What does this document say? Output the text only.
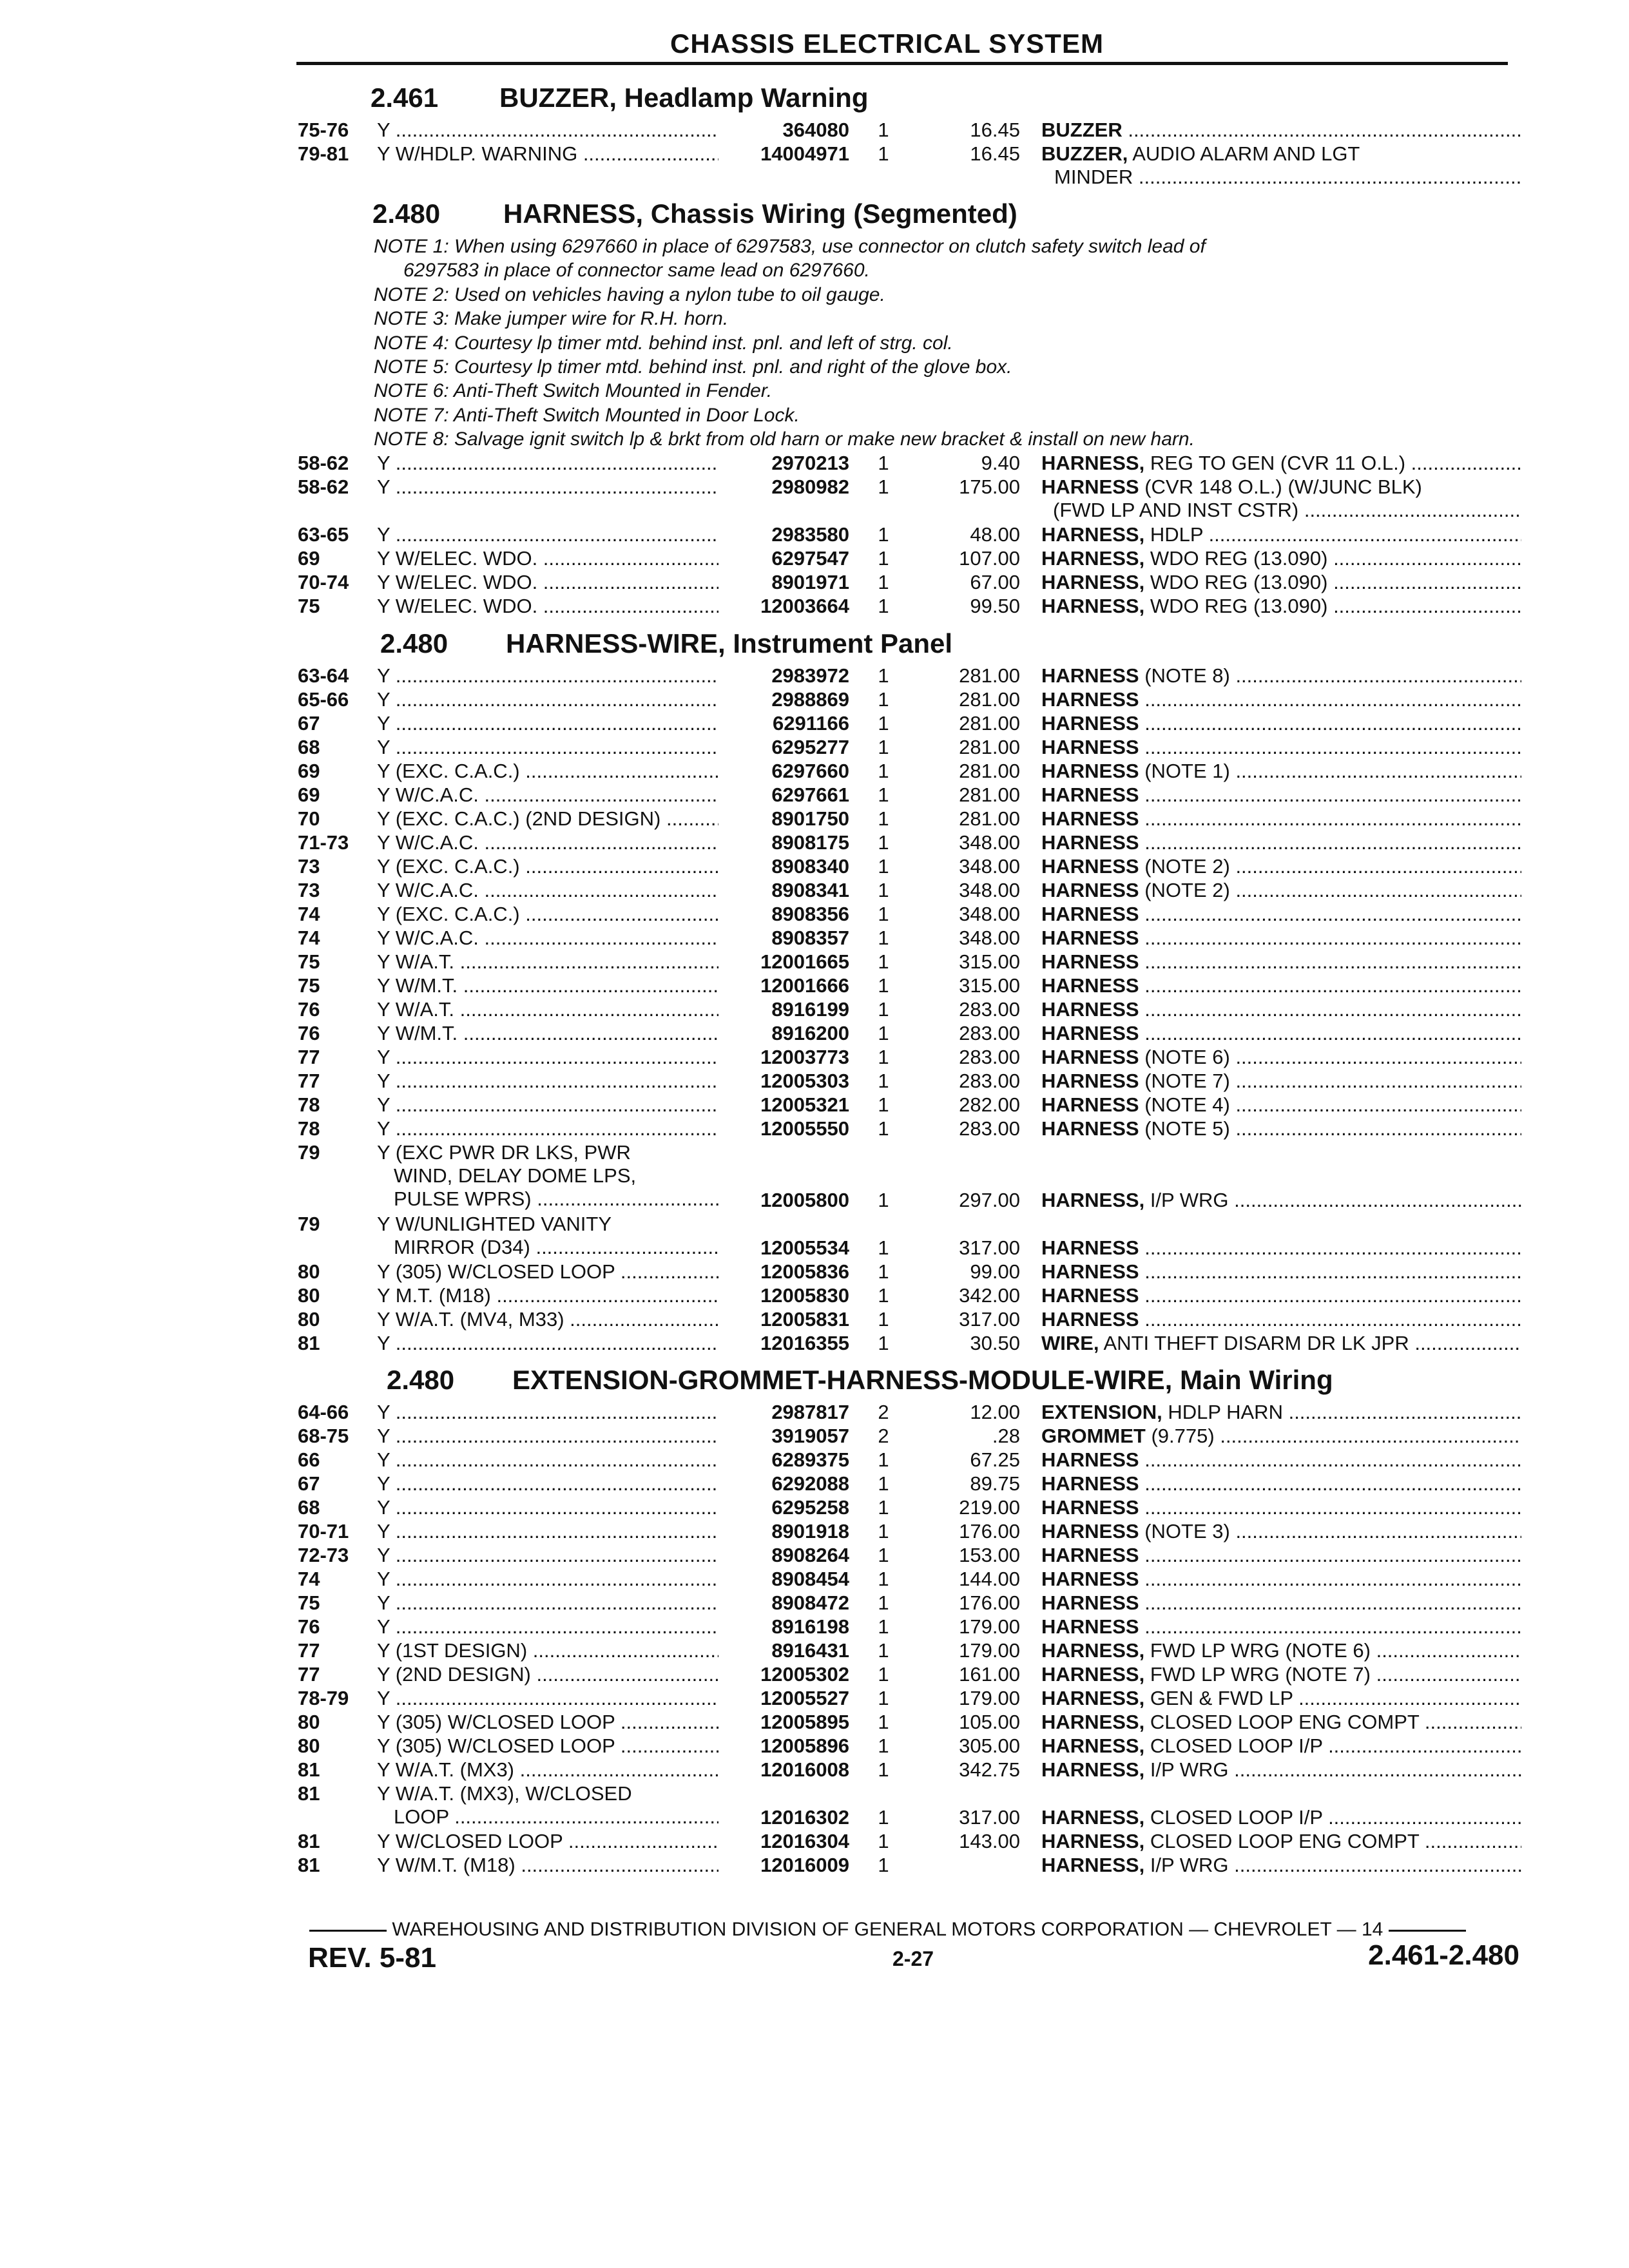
CHASSIS ELECTRICAL SYSTEM
2.461 BUZZER, Headlamp Warning
75-76 Y .....	364080 1	16.45 BUZZER .....
79-81 Y W/HDLP. WARNING .....	14004971 1	16.45 BUZZER, AUDIO ALARM AND LGT
MINDER .....
2.480 HARNESS, Chassis Wiring (Segmented)
NOTE 1: When using 6297660 in place of 6297583, use connector on clutch safety switch lead of
6297583 in place of connector same lead on 6297660.
NOTE 2: Used on vehicles having a nylon tube to oil gauge.
NOTE 3: Make jumper wire for R.H. horn.
NOTE 4: Courtesy lp timer mtd. behind inst. pnl. and left of strg. col.
NOTE 5: Courtesy lp timer mtd. behind inst. pnl. and right of the glove box.
NOTE 6: Anti-Theft Switch Mounted in Fender.
NOTE 7: Anti-Theft Switch Mounted in Door Lock.
NOTE 8: Salvage ignit switch lp & brkt from old harn or make new bracket & install on new harn.
58-62 Y .....	2970213 1	9.40 HARNESS, REG TO GEN (CVR 11 O.L.) .....
58-62 Y .....	2980982 1	175.00 HARNESS (CVR 148 O.L.) (W/JUNC BLK)
(FWD LP AND INST CSTR) .....
63-65 Y .....	2983580 1	48.00 HARNESS, HDLP .....
69	Y W/ELEC. WDO. .....	6297547 1	107.00 HARNESS, WDO REG (13.090) .....
70-74 Y W/ELEC. WDO. .....	8901971 1	67.00 HARNESS, WDO REG (13.090) .....
75	Y W/ELEC. WDO. .....	12003664 1	99.50 HARNESS, WDO REG (13.090) .....
2.480 HARNESS-WIRE, Instrument Panel
63-64 Y .....	2983972 1	281.00 HARNESS (NOTE 8) .....
65-66 Y .....	2988869 1	281.00 HARNESS .....
67	Y .....	6291166 1	281.00 HARNESS .....
68	Y .....	6295277 1	281.00 HARNESS .....
69	Y (EXC. C.A.C.) .....	6297660 1	281.00 HARNESS (NOTE 1) .....
69	Y W/C.A.C. .....	6297661 1	281.00 HARNESS .....
70	Y (EXC. C.A.C.) (2ND DESIGN) .....	8901750 1	281.00 HARNESS .....
71-73 Y W/C.A.C. .....	8908175 1	348.00 HARNESS .....
73	Y (EXC. C.A.C.) .....	8908340 1	348.00 HARNESS (NOTE 2) .....
73	Y W/C.A.C. .....	8908341 1	348.00 HARNESS (NOTE 2) .....
74	Y (EXC. C.A.C.) .....	8908356 1	348.00 HARNESS .....
74	Y W/C.A.C. .....	8908357 1	348.00 HARNESS .....
75	Y W/A.T. .....	12001665 1	315.00 HARNESS .....
75	Y W/M.T. .....	12001666 1	315.00 HARNESS .....
76	Y W/A.T. .....	8916199 1	283.00 HARNESS .....
76	Y W/M.T. .....	8916200 1	283.00 HARNESS .....
77	Y .....	12003773 1	283.00 HARNESS (NOTE 6) .....
77	Y .....	12005303 1	283.00 HARNESS (NOTE 7) .....
78	Y .....	12005321 1	282.00 HARNESS (NOTE 4) .....
78	Y .....	12005550 1	283.00 HARNESS (NOTE 5) .....
79	Y (EXC PWR DR LKS, PWR
WIND, DELAY DOME LPS,
PULSE WPRS) .....	12005800 1	297.00 HARNESS, I/P WRG .....
79	Y W/UNLIGHTED VANITY
MIRROR (D34) .....	12005534 1	317.00 HARNESS .....
80	Y (305) W/CLOSED LOOP .....	12005836 1	99.00 HARNESS .....
80	Y M.T. (M18) .....	12005830 1	342.00 HARNESS .....
80	Y W/A.T. (MV4, M33) .....	12005831 1	317.00 HARNESS .....
81	Y .....	12016355 1	30.50 WIRE, ANTI THEFT DISARM DR LK JPR .....
2.480 EXTENSION-GROMMET-HARNESS-MODULE-WIRE, Main Wiring
64-66 Y .....	2987817 2	12.00 EXTENSION, HDLP HARN .....
68-75 Y .....	3919057 2	.28 GROMMET (9.775) .....
66	Y .....	6289375 1	67.25 HARNESS .....
67	Y .....	6292088 1	89.75 HARNESS .....
68	Y .....	6295258 1	219.00 HARNESS .....
70-71 Y .....	8901918 1	176.00 HARNESS (NOTE 3) .....
72-73 Y .....	8908264 1	153.00 HARNESS .....
74	Y .....	8908454 1	144.00 HARNESS .....
75	Y .....	8908472 1	176.00 HARNESS .....
76	Y .....	8916198 1	179.00 HARNESS .....
77	Y (1ST DESIGN) .....	8916431 1	179.00 HARNESS, FWD LP WRG (NOTE 6) .....
77	Y (2ND DESIGN) .....	12005302 1	161.00 HARNESS, FWD LP WRG (NOTE 7) .....
78-79 Y .....	12005527 1	179.00 HARNESS, GEN & FWD LP .....
80	Y (305) W/CLOSED LOOP .....	12005895 1	105.00 HARNESS, CLOSED LOOP ENG COMPT .....
80	Y (305) W/CLOSED LOOP .....	12005896 1	305.00 HARNESS, CLOSED LOOP I/P .....
81	Y W/A.T. (MX3) .....	12016008 1	342.75 HARNESS, I/P WRG .....
81	Y W/A.T. (MX3), W/CLOSED
LOOP .....	12016302 1	317.00 HARNESS, CLOSED LOOP I/P .....
81	Y W/CLOSED LOOP .....	12016304 1	143.00 HARNESS, CLOSED LOOP ENG COMPT .....
81	Y W/M.T. (M18) .....	12016009 1	HARNESS, I/P WRG .....
WAREHOUSING AND DISTRIBUTION DIVISION OF GENERAL MOTORS CORPORATION — CHEVROLET — 14
REV. 5-81	2-27	2.461-2.480
